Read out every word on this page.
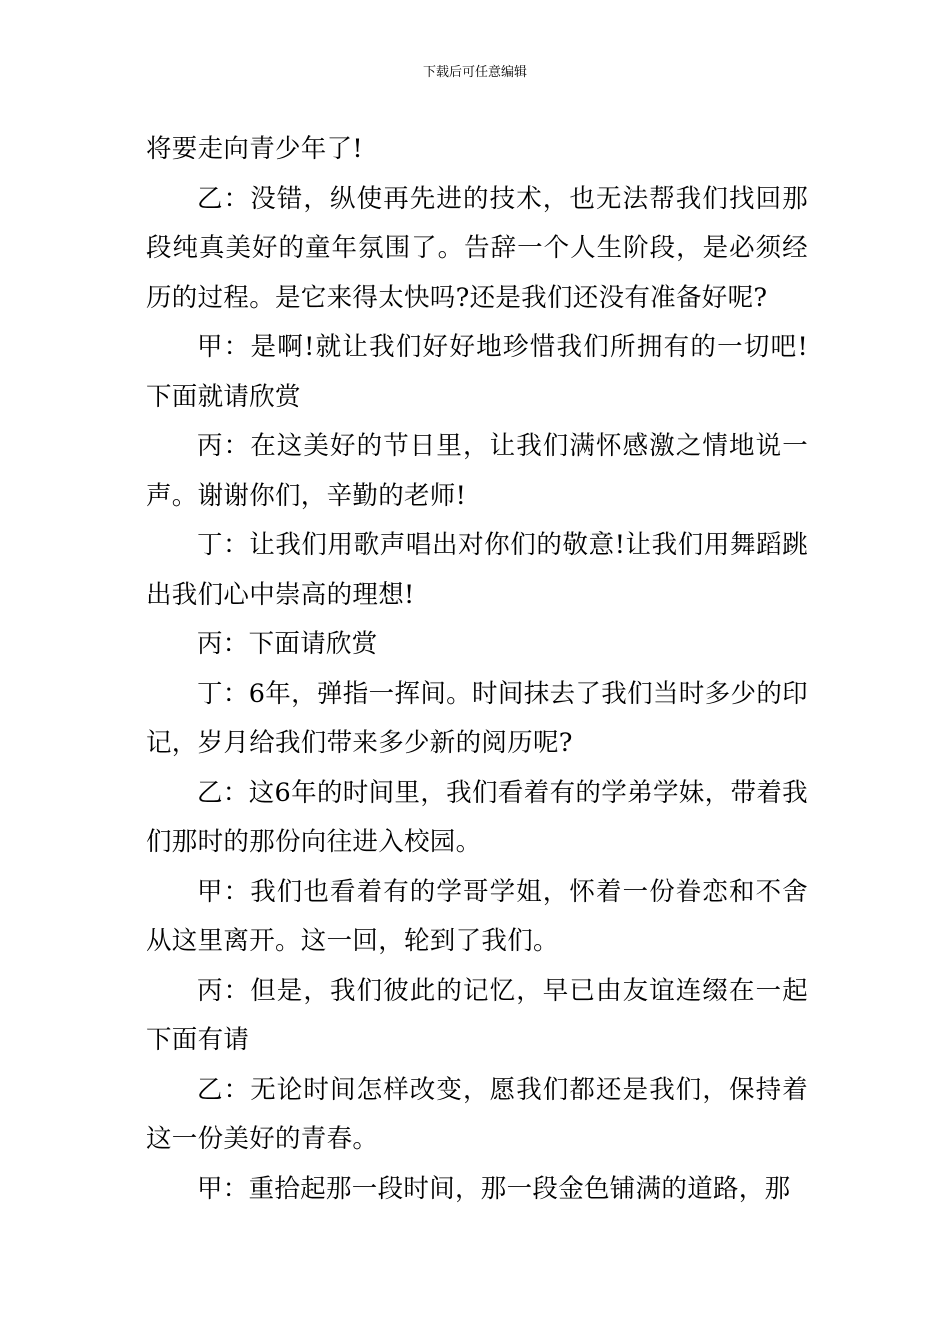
下载后可任意编辑

将要走向青少年了!

乙：没错，纵使再先进的技术，也无法帮我们找回那段纯真美好的童年氛围了。告辞一个人生阶段，是必须经历的过程。是它来得太快吗?还是我们还没有准备好呢?

甲：是啊!就让我们好好地珍惜我们所拥有的一切吧!下面就请欣赏

丙：在这美好的节日里，让我们满怀感激之情地说一声。谢谢你们，辛勤的老师!

丁：让我们用歌声唱出对你们的敬意!让我们用舞蹈跳出我们心中崇高的理想!

丙：下面请欣赏

丁：6年，弹指一挥间。时间抹去了我们当时多少的印记，岁月给我们带来多少新的阅历呢?

乙：这6年的时间里，我们看着有的学弟学妹，带着我们那时的那份向往进入校园。

甲：我们也看着有的学哥学姐，怀着一份眷恋和不舍从这里离开。这一回，轮到了我们。

丙：但是，我们彼此的记忆，早已由友谊连缀在一起下面有请

乙：无论时间怎样改变，愿我们都还是我们，保持着这一份美好的青春。

甲：重拾起那一段时间，那一段金色铺满的道路，那
